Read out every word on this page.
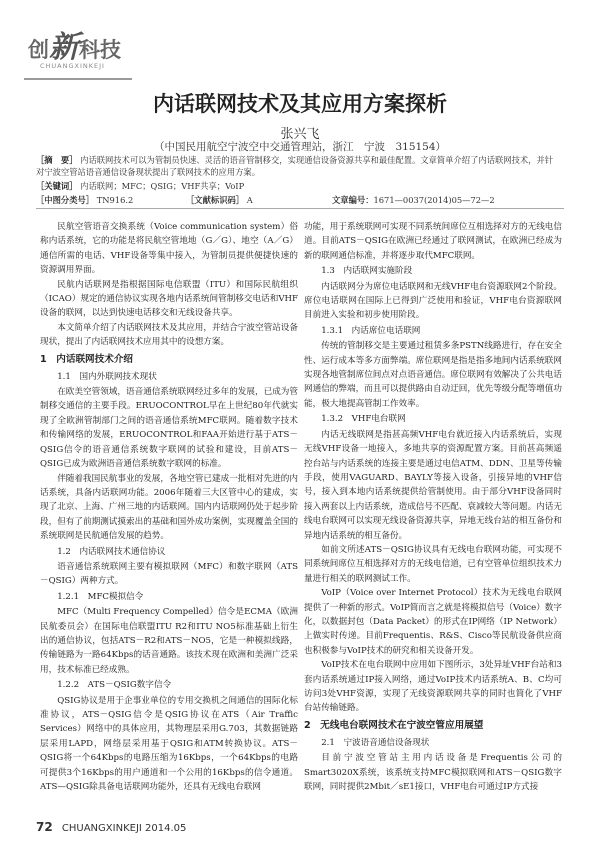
创新科技
CHUANGXINKEJI
内话联网技术及其应用方案探析
张兴飞
（中国民用航空宁波空中交通管理站，浙江　宁波　315154）
［摘　要］ 内话联网技术可以为管制员快速、灵活的语音管制移交，实现通信设备资源共享和最佳配置。文章简单介绍了内话联网技术，并针对宁波空管站语音通信设备现状提出了联网技术的应用方案。
［关键词］ 内话联网；MFC；QSIG；VHF共享；VoIP
［中图分类号］ TN916.2	［文献标识码］ A	文章编号：1671—0037(2014)05—72—2

民航空管语音交换系统（Voice communication system）俗称内话系统，它的功能是将民航空管地地（G／G）、地空（A／G）通信所需的电话、VHF设备等集中接入，为管制员提供便捷快速的资源调用界面。

民航内话联网是指根据国际电信联盟（ITU）和国际民航组织（ICAO）规定的通信协议实现各地内话系统间管制移交电话和VHF设备的联网，以达到快速电话移交和无线设备共享。

本文简单介绍了内话联网技术及其应用，并结合宁波空管站设备现状，提出了内话联网技术应用其中的设想方案。

1　内话联网技术介绍
1.1　国内外联网技术现状

在欧美空管领域，语音通信系统联网经过多年的发展，已成为管制移交通信的主要手段。ERUOCONTROL早在上世纪80年代就实现了全欧洲管制部门之间的语音通信系统MFC联网。随着数字技术和传输网络的发展，ERUOCONTROL和FAA开始进行基于ATS－QSIG信令的语音通信系统数字联网的试验和建设，目前ATS－QSIG已成为欧洲语音通信系统数字联网的标准。

伴随着我国民航事业的发展，各地空管已建成一批相对先进的内话系统，具备内话联网功能。2006年随着三大区管中心的建成，实现了北京、上海、广州三地的内话联网。国内内话联网仍处于起步阶段，但有了前期测试摸索出的基础和国外成功案例，实现覆盖全国的系统联网是民航通信发展的趋势。

1.2　内话联网技术通信协议

语音通信系统联网主要有模拟联网（MFC）和数字联网（ATS－QSIG）两种方式。

1.2.1　MFC模拟信令

MFC（Multi Frequency Compelled）信令是ECMA（欧洲民航委员会）在国际电信联盟ITU R2和ITU NO5标准基础上衍生出的通信协议，包括ATS－R2和ATS－NO5，它是一种模拟线路，传输链路为一路64Kbps的话音通路。该技术现在欧洲和美洲广泛采用，技术标准已经成熟。

1.2.2　ATS－QSIG数字信令

QSIG协议是用于企事业单位的专用交换机之间通信的国际化标准协议，ATS－QSIG信令是QSIG协议在ATS（Air Traffic Services）网络中的具体应用，其物理层采用G.703，其数据链路层采用LAPD，网络层采用基于QSIG和ATM转换协议。ATS－QSIG将一个64Kbps的电路压缩为16Kbps，一个64Kbps的电路可提供3个16Kbps的用户通道和一个公用的16Kbps的信令通道。ATS—QSIG除具备电话联网功能外，还具有无线电台联网

功能，用于系统联网可实现不同系统间席位互相选择对方的无线电信道。目前ATS－QSIG在欧洲已经通过了联网测试，在欧洲已经成为新的联网通信标准，并将逐步取代MFC联网。

1.3　内话联网实施阶段

内话联网分为席位电话联网和无线VHF电台资源联网2个阶段。席位电话联网在国际上已得到广泛使用和验证，VHF电台资源联网目前进入实验和初步使用阶段。

1.3.1　内话席位电话联网

传统的管制移交是主要通过租赁多条PSTN线路进行，存在安全性、运行成本等多方面弊端。席位联网是指是指多地间内话系统联网实现各地管制席位间点对点语音通信。席位联网有效解决了公共电话网通信的弊端，而且可以提供路由自动迂回，优先等级分配等增值功能，极大地提高管制工作效率。

1.3.2　VHF电台联网

内话无线联网是指甚高频VHF电台就近接入内话系统后，实现无线VHF设备一地接入，多地共享的资源配置方案。目前甚高频遥控台站与内话系统的连接主要是通过电信ATM、DDN、卫星等传输手段，使用VAGUARD、BAYLY等接入设备，引接异地的VHF信号，接入到本地内话系统提供给管制使用。由于部分VHF设备同时接入两套以上内话系统，造成信号不匹配、衰减较大等问题。内话无线电台联网可以实现无线设备资源共享，异地无线台站的相互备份和异地内话系统的相互备份。

如前文所述ATS－QSIG协议具有无线电台联网功能，可实现不同系统间席位互相选择对方的无线电信道，已有空管单位组织技术力量进行相关的联网测试工作。

VoIP（Voice over Internet Protocol）技术为无线电台联网提供了一种新的形式。VoIP简而言之就是将模拟信号（Voice）数字化，以数据封包（Data Packet）的形式在IP网络（IP Network）上做实时传递。目前Frequentis、R&S、Cisco等民航设备供应商也积极参与VoIP技术的研究和相关设备开发。

VoIP技术在电台联网中应用如下图所示，3处异址VHF台站和3套内话系统通过IP接入网络，通过VoIP技术内话系统A、B、C均可访问3处VHF资源，实现了无线资源联网共享的同时也简化了VHF台站传输链路。

2　无线电台联网技术在宁波空管应用展望
2.1　宁波语音通信设备现状

目前宁波空管站主用内话设备是Frequentis公司的Smart3020X系统，该系统支持MFC模拟联网和ATS－QSIG数字联网，同时提供2Mbit／sE1接口，VHF电台可通过IP方式接

72 CHUANGXINKEJI 2014.05
